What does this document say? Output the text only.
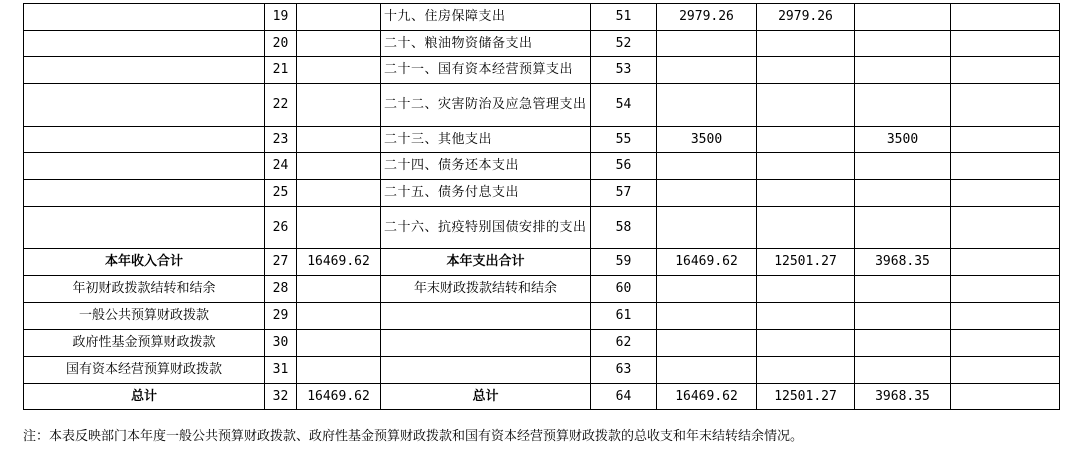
	19		十九、住房保障支出	51	2979.26	2979.26		
	20		二十、粮油物资储备支出	52				
	21		二十一、国有资本经营预算支出	53				
	22		二十二、灾害防治及应急管理支出	54				
	23		二十三、其他支出	55	3500		3500	
	24		二十四、债务还本支出	56				
	25		二十五、债务付息支出	57				
	26		二十六、抗疫特别国债安排的支出	58				
本年收入合计	27	16469.62	本年支出合计	59	16469.62	12501.27	3968.35	
年初财政拨款结转和结余	28		年末财政拨款结转和结余	60				
一般公共预算财政拨款	29			61				
政府性基金预算财政拨款	30			62				
国有资本经营预算财政拨款	31			63				
总计	32	16469.62	总计	64	16469.62	12501.27	3968.35	
注：本表反映部门本年度一般公共预算财政拨款、政府性基金预算财政拨款和国有资本经营预算财政拨款的总收支和年末结转结余情况。
